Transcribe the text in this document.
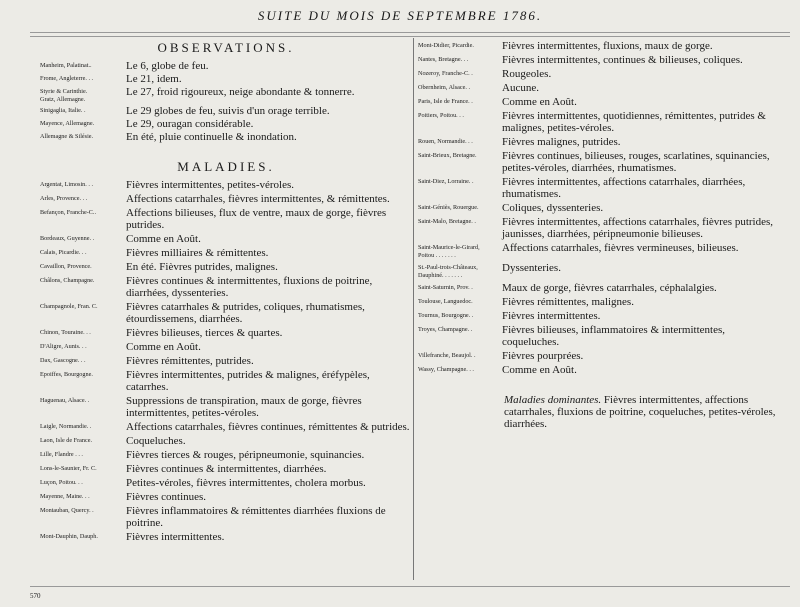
SUITE DU MOIS DE SEPTEMBRE 1786.
OBSERVATIONS.
Manheim, Palatinat..	Le 6, globe de feu.
Frome, Angleterre. . .	Le 21, idem.
Styrie & Carinthie.
Gratz, Allemagne.
Le 27, froid rigoureux, neige abondante & tonnerre.
Sinigaglia, Italie. .	Le 29 globes de feu, suivis d'un orage terrible.
Mayence, Allemagne.	Le 29, ouragan considérable.
Allemagne & Silésie.	En été, pluie continuelle & inondation.
MALADIES.
Argentat, Limosin. . .	Fièvres intermittentes, petites-véroles.
Arles, Provence. . .	Affections catarrhales, fièvres intermittentes, & rémittentes.
Befançon, Franche-C..	Affections bilieuses, flux de ventre, maux de gorge, fièvres putrides.
Bordeaux, Guyenne. .	Comme en Août.
Calais, Picardie. . .	Fièvres milliaires & rémittentes.
Cavaillon, Provence.	En été. Fièvres putrides, malignes.
Châlons, Champagne.	Fièvres continues & intermittentes, fluxions de poitrine, diarrhées, dyssenteries.
Champagnole, Fran. C.	Fièvres catarrhales & putrides, coliques, rhumatismes, étourdissemens, diarrhées.
Chinon, Touraine. . .	Fièvres bilieuses, tierces & quartes.
D'Aligre, Aunis. . .	Comme en Août.
Dax, Gascogne. . .	Fièvres rémittentes, putrides.
Epoiffes, Bourgogne.	Fièvres intermittentes, putrides & malignes, éréfypèles, catarrhes.
Haguenau, Alsace. .	Suppressions de transpiration, maux de gorge, fièvres intermittentes, petites-véroles.
Laigle, Normandie. .	Affections catarrhales, fièvres continues, rémittentes & putrides.
Laon, Isle de France.	Coqueluches.
Lille, Flandre . . .	Fièvres tierces & rouges, péripneumonie, squinancies.
Lons-le-Saunier, Fr. C.	Fièvres continues & intermittentes, diarrhées.
Luçon, Poitou. . .	Petites-véroles, fièvres intermittentes, cholera morbus.
Mayenne, Maine. . .	Fièvres continues.
Montauban, Quercy. .	Fièvres inflammatoires & rémittentes diarrhées fluxions de poitrine.
Mont-Dauphin, Dauph.	Fièvres intermittentes.
Mont-Didier, Picardie.	Fièvres intermittentes, fluxions, maux de gorge.
Nantes, Bretagne. . .	Fièvres intermittentes, continues & bilieuses, coliques.
Nozeroy, Franche-C. .	Rougeoles.
Obernheim, Alsace. .	Aucune.
Paris, Isle de France. .	Comme en Août.
Poitiers, Poitou. . .	Fièvres intermittentes, quotidiennes, rémittentes, putrides & malignes, petites-véroles.
Rouen, Normandie. . .	Fièvres malignes, putrides.
Saint-Brieux, Bretagne.	Fièvres continues, bilieuses, rouges, scarlatines, squinancies, petites-véroles, diarrhées, rhumatismes.
Saint-Diez, Lorraine. .	Fièvres intermittentes, affections catarrhales, diarrhées, rhumatismes.
Saint-Géniès, Rouergue.	Coliques, dyssenteries.
Saint-Malo, Bretagne. .	Fièvres intermittentes, affections catarrhales, fièvres putrides, jaunisses, diarrhées, péripneumonie bilieuses.
Saint-Maurice-le-Girard,
Poitou . . . . . . .
Affections catarrhales, fièvres vermineuses, bilieuses.
St.-Paul-trois-Châteaux,
Dauphiné. . . . . . .
Dyssenteries.
Saint-Saturnin, Prov. .	Maux de gorge, fièvres catarrhales, céphalalgies.
Toulouse, Languedoc.	Fièvres rémittentes, malignes.
Tournus, Bourgogne. .	Fièvres intermittentes.
Troyes, Champagne. .	Fièvres bilieuses, inflammatoires & intermittentes, coqueluches.
Villefranche, Beaujol. .	Fièvres pourprées.
Wassy, Champagne. . .	Comme en Août.
Maladies dominantes. Fièvres intermittentes, affections catarrhales, fluxions de poitrine, coqueluches, petites-véroles, diarrhées.
570
